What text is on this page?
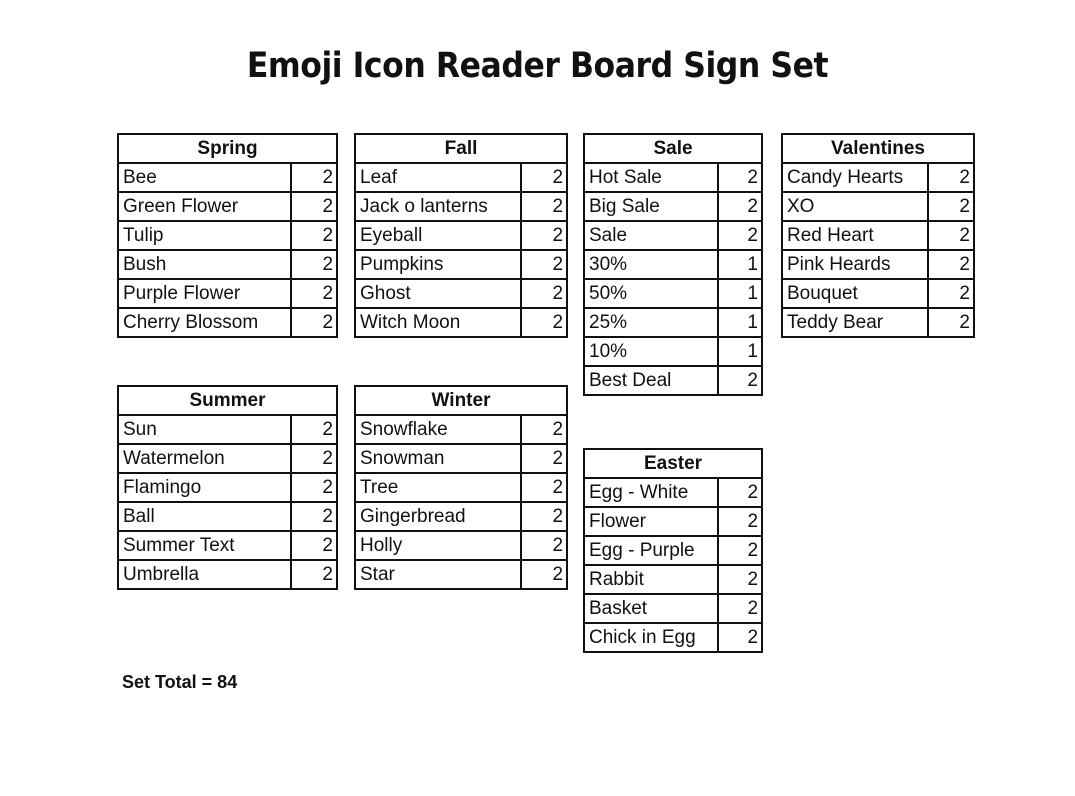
Emoji Icon Reader Board Sign Set
Spring	
Bee	2
Green Flower	2
Tulip	2
Bush	2
Purple Flower	2
Cherry Blossom	2
Fall	
Leaf	2
Jack o lanterns	2
Eyeball	2
Pumpkins	2
Ghost	2
Witch Moon	2
Sale	
Hot Sale	2
Big Sale	2
Sale	2
30%	1
50%	1
25%	1
10%	1
Best Deal	2
Valentines	
Candy Hearts	2
XO	2
Red Heart	2
Pink Heards	2
Bouquet	2
Teddy Bear	2
Summer	
Sun	2
Watermelon	2
Flamingo	2
Ball	2
Summer Text	2
Umbrella	2
Winter	
Snowflake	2
Snowman	2
Tree	2
Gingerbread	2
Holly	2
Star	2
Easter	
Egg - White	2
Flower	2
Egg - Purple	2
Rabbit	2
Basket	2
Chick in Egg	2

Set Total = 84
